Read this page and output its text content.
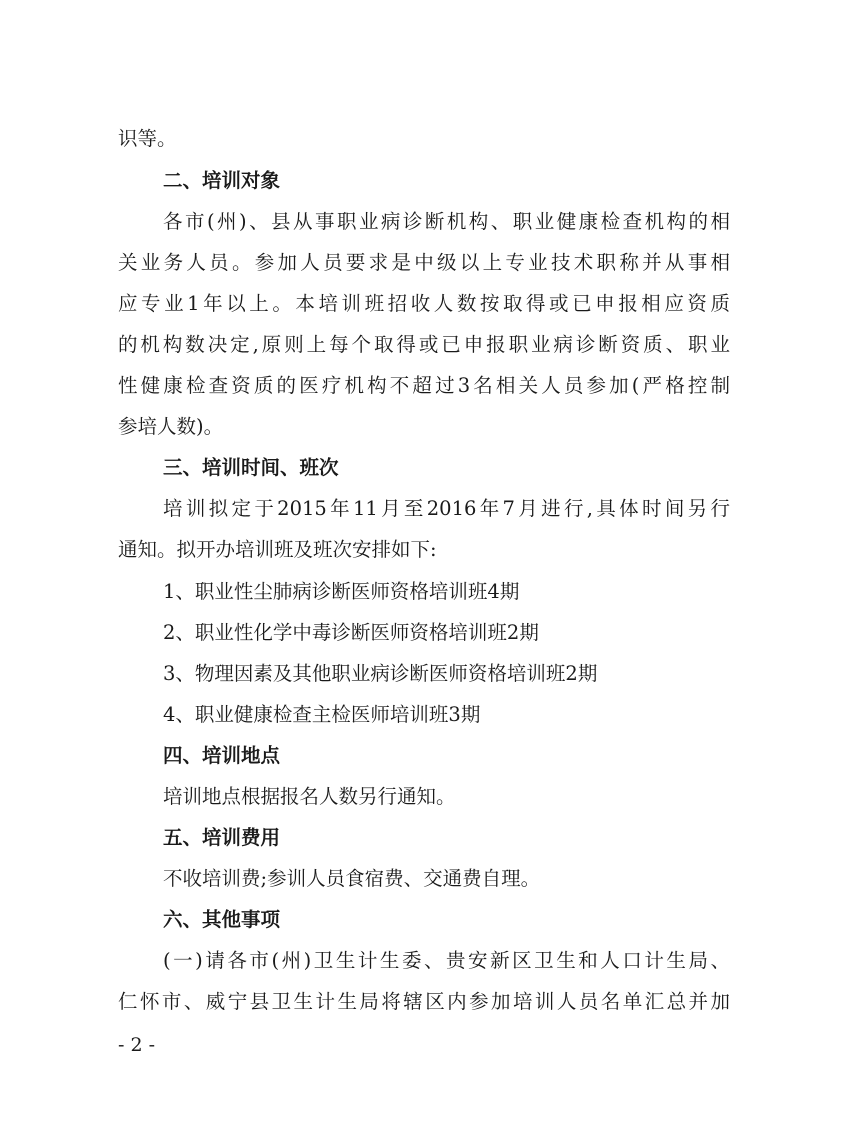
识等。
二、培训对象
各市(州)、县从事职业病诊断机构、职业健康检查机构的相
关业务人员。参加人员要求是中级以上专业技术职称并从事相
应专业1年以上。本培训班招收人数按取得或已申报相应资质
的机构数决定,原则上每个取得或已申报职业病诊断资质、职业
性健康检查资质的医疗机构不超过3名相关人员参加(严格控制
参培人数)。
三、培训时间、班次
培训拟定于2015年11月至2016年7月进行,具体时间另行
通知。拟开办培训班及班次安排如下:
1、职业性尘肺病诊断医师资格培训班4期
2、职业性化学中毒诊断医师资格培训班2期
3、物理因素及其他职业病诊断医师资格培训班2期
4、职业健康检查主检医师培训班3期
四、培训地点
培训地点根据报名人数另行通知。
五、培训费用
不收培训费;参训人员食宿费、交通费自理。
六、其他事项
(一)请各市(州)卫生计生委、贵安新区卫生和人口计生局、
仁怀市、威宁县卫生计生局将辖区内参加培训人员名单汇总并加
- 2 -
